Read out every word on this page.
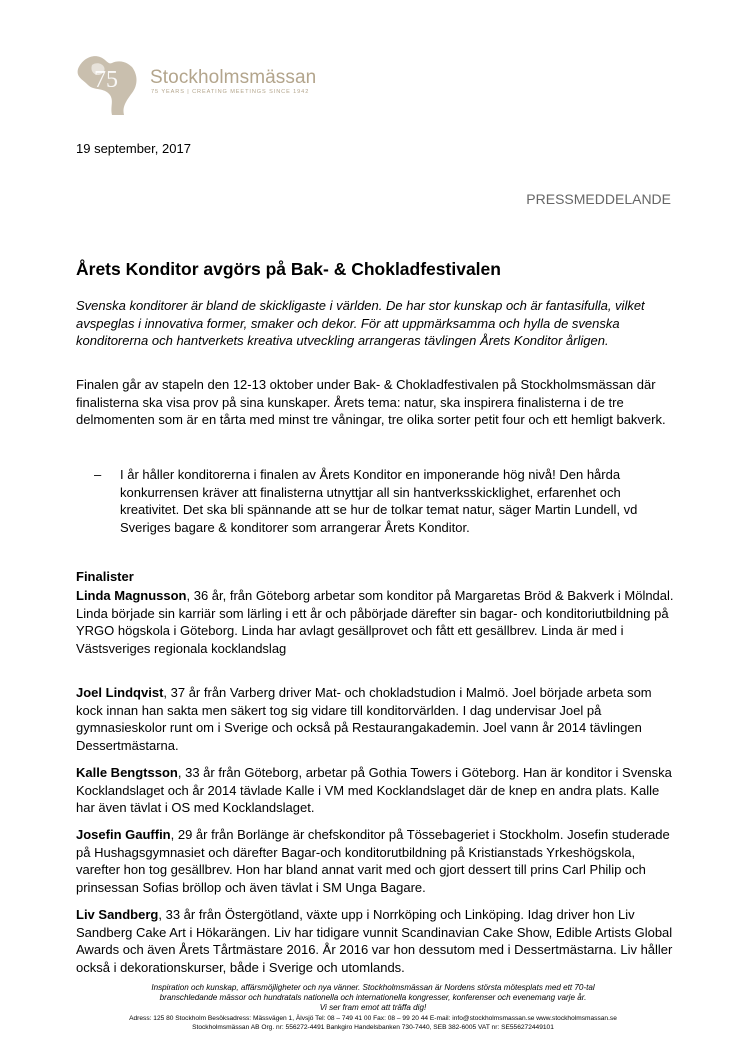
75 Stockholmsmässan
75 YEARS | CREATING MEETINGS SINCE 1942
19 september, 2017
PRESSMEDDELANDE
Årets Konditor avgörs på Bak- & Chokladfestivalen

Svenska konditorer är bland de skickligaste i världen. De har stor kunskap och är fantasifulla, vilket avspeglas i innovativa former, smaker och dekor. För att uppmärksamma och hylla de svenska konditorerna och hantverkets kreativa utveckling arrangeras tävlingen Årets Konditor årligen.

Finalen går av stapeln den 12-13 oktober under Bak- & Chokladfestivalen på Stockholmsmässan där finalisterna ska visa prov på sina kunskaper. Årets tema: natur, ska inspirera finalisterna i de tre delmomenten som är en tårta med minst tre våningar, tre olika sorter petit four och ett hemligt bakverk.

– I år håller konditorerna i finalen av Årets Konditor en imponerande hög nivå! Den hårda konkurrensen kräver att finalisterna utnyttjar all sin hantverksskicklighet, erfarenhet och kreativitet. Det ska bli spännande att se hur de tolkar temat natur, säger Martin Lundell, vd Sveriges bagare & konditorer som arrangerar Årets Konditor.

Finalister

Linda Magnusson, 36 år, från Göteborg arbetar som konditor på Margaretas Bröd & Bakverk i Mölndal. Linda började sin karriär som lärling i ett år och påbörjade därefter sin bagar- och konditoriutbildning på YRGO högskola i Göteborg. Linda har avlagt gesällprovet och fått ett gesällbrev. Linda är med i Västsveriges regionala kocklandslag

Joel Lindqvist, 37 år från Varberg driver Mat- och chokladstudion i Malmö. Joel började arbeta som kock innan han sakta men säkert tog sig vidare till konditorvärlden. I dag undervisar Joel på gymnasieskolor runt om i Sverige och också på Restaurangakademin. Joel vann år 2014 tävlingen Dessertmästarna.

Kalle Bengtsson, 33 år från Göteborg, arbetar på Gothia Towers i Göteborg. Han är konditor i Svenska Kocklandslaget och år 2014 tävlade Kalle i VM med Kocklandslaget där de knep en andra plats. Kalle har även tävlat i OS med Kocklandslaget.

Josefin Gauffin, 29 år från Borlänge är chefskonditor på Tössebageriet i Stockholm. Josefin studerade på Hushagsgymnasiet och därefter Bagar-och konditorutbildning på Kristianstads Yrkeshögskola, varefter hon tog gesällbrev. Hon har bland annat varit med och gjort dessert till prins Carl Philip och prinsessan Sofias bröllop och även tävlat i SM Unga Bagare.

Liv Sandberg, 33 år från Östergötland, växte upp i Norrköping och Linköping. Idag driver hon Liv Sandberg Cake Art i Hökarängen. Liv har tidigare vunnit Scandinavian Cake Show, Edible Artists Global Awards och även Årets Tårtmästare 2016. År 2016 var hon dessutom med i Dessertmästarna. Liv håller också i dekorationskurser, både i Sverige och utomlands.

Inspiration och kunskap, affärsmöjligheter och nya vänner. Stockholmsmässan är Nordens största mötesplats med ett 70-tal

branschledande mässor och hundratals nationella och internationella kongresser, konferenser och evenemang varje år.

Vi ser fram emot att träffa dig!

Adress: 125 80 Stockholm Besöksadress: Mässvägen 1, Älvsjö Tel: 08 – 749 41 00 Fax: 08 – 99 20 44 E-mail: info@stockholmsmassan.se www.stockholmsmassan.se

Stockholmsmässan AB Org. nr: 556272-4491 Bankgiro Handelsbanken 730-7440, SEB 382-6005 VAT nr: SE556272449101
